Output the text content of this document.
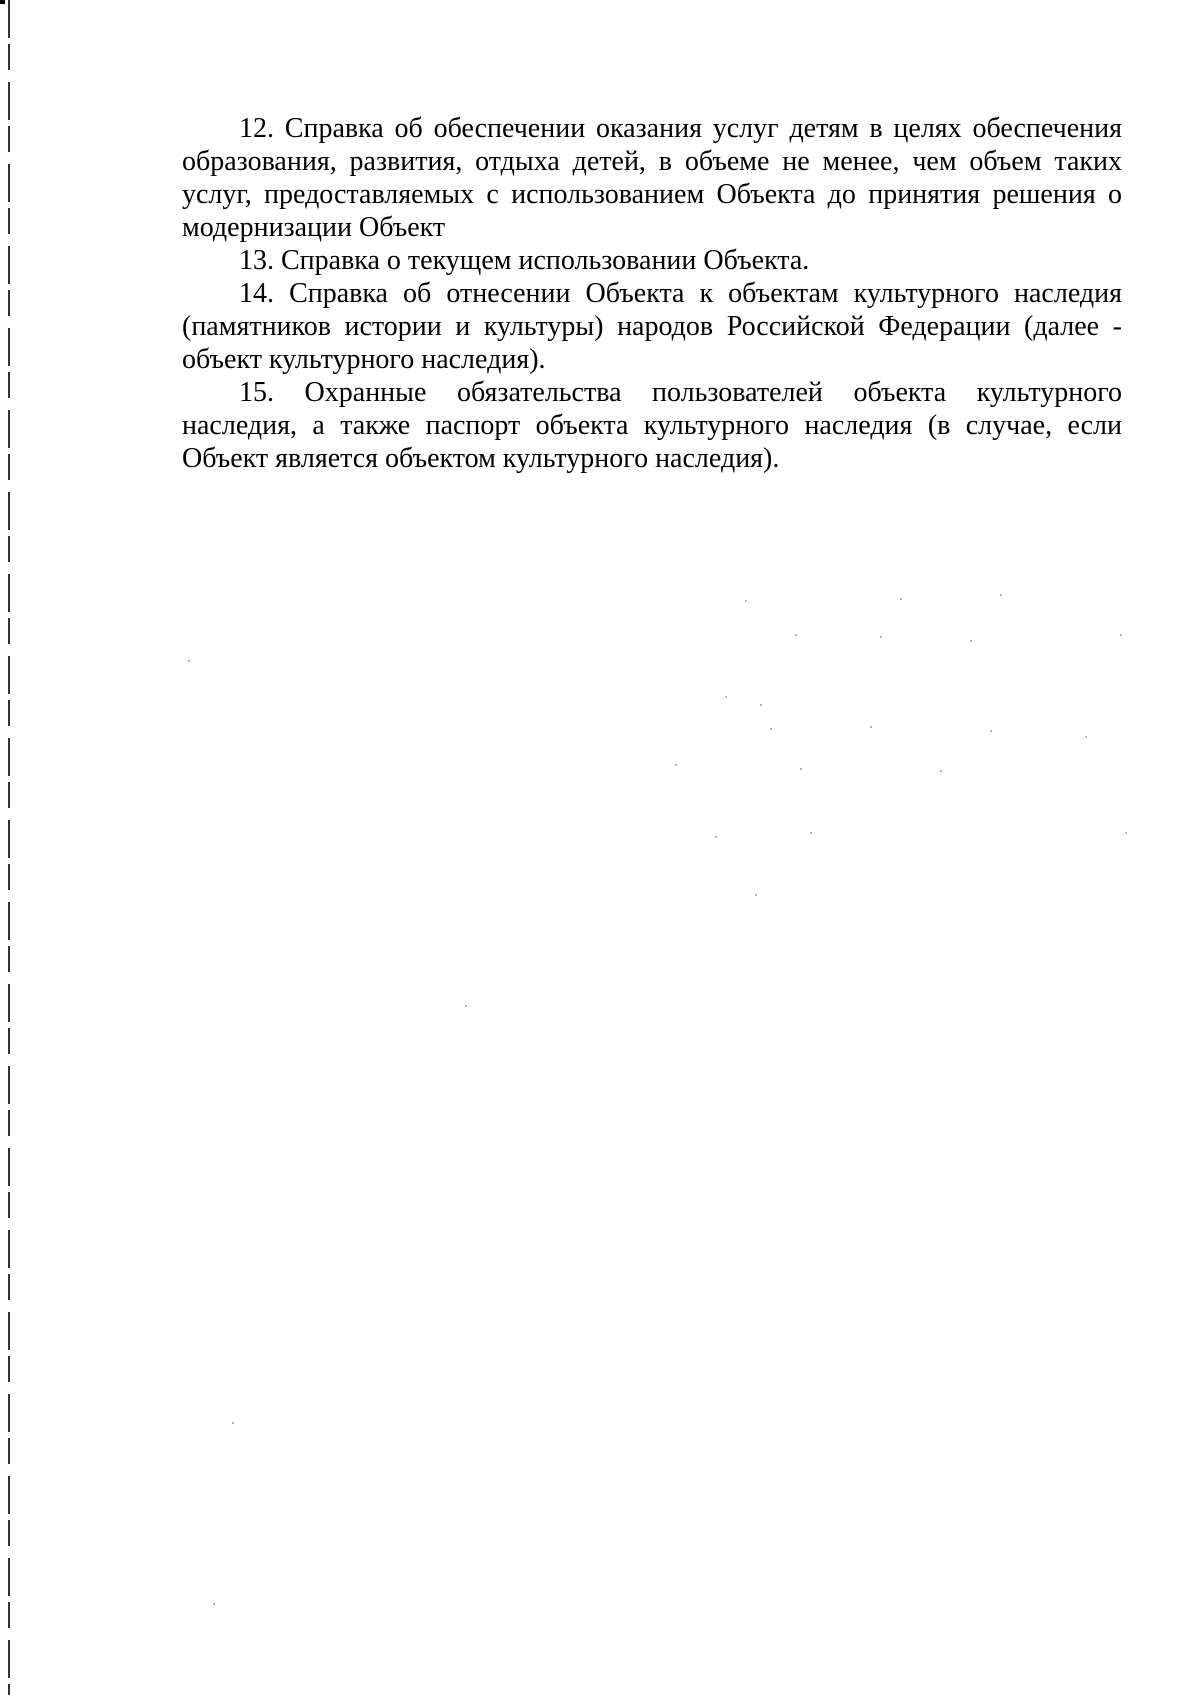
12. Справка об обеспечении оказания услуг детям в целях обеспечения образования, развития, отдыха детей, в объеме не менее, чем объем таких услуг, предоставляемых с использованием Объекта до принятия решения о модернизации Объект

13. Справка о текущем использовании Объекта.

14. Справка об отнесении Объекта к объектам культурного наследия (памятников истории и культуры) народов Российской Федерации (далее - объект культурного наследия).

15. Охранные обязательства пользователей объекта культурного наследия, а также паспорт объекта культурного наследия (в случае, если Объект является объектом культурного наследия).
